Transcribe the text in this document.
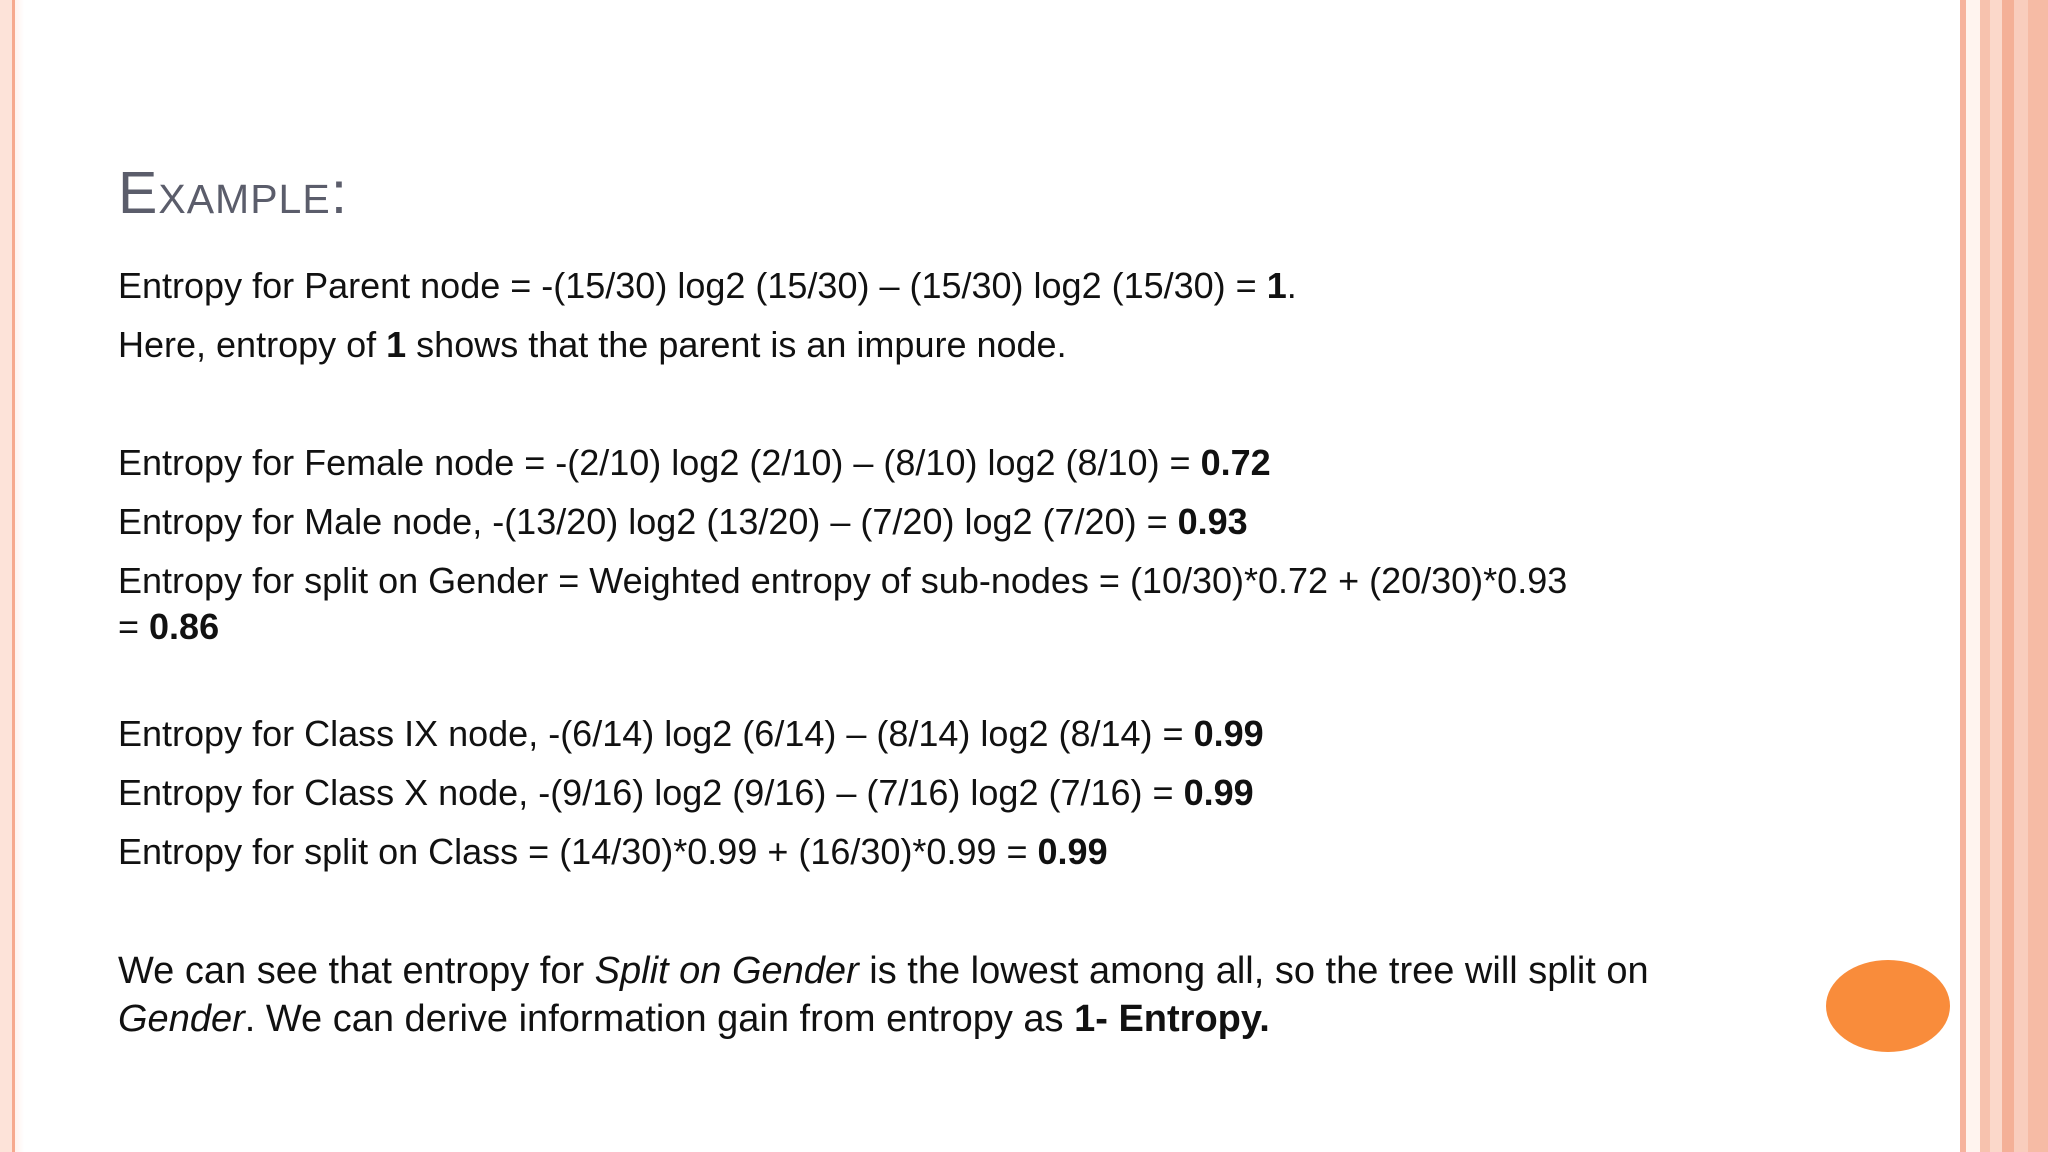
Example:

Entropy for Parent node = -(15/30) log2 (15/30) – (15/30) log2 (15/30) = 1.

Here, entropy of 1 shows that the parent is an impure node.

Entropy for Female node = -(2/10) log2 (2/10) – (8/10) log2 (8/10) = 0.72

Entropy for Male node, -(13/20) log2 (13/20) – (7/20) log2 (7/20) = 0.93

Entropy for split on Gender = Weighted entropy of sub-nodes = (10/30)*0.72 + (20/30)*0.93

= 0.86

Entropy for Class IX node, -(6/14) log2 (6/14) – (8/14) log2 (8/14) = 0.99

Entropy for Class X node, -(9/16) log2 (9/16) – (7/16) log2 (7/16) = 0.99

Entropy for split on Class = (14/30)*0.99 + (16/30)*0.99 = 0.99

We can see that entropy for Split on Gender is the lowest among all, so the tree will split on Gender. We can derive information gain from entropy as 1- Entropy.
